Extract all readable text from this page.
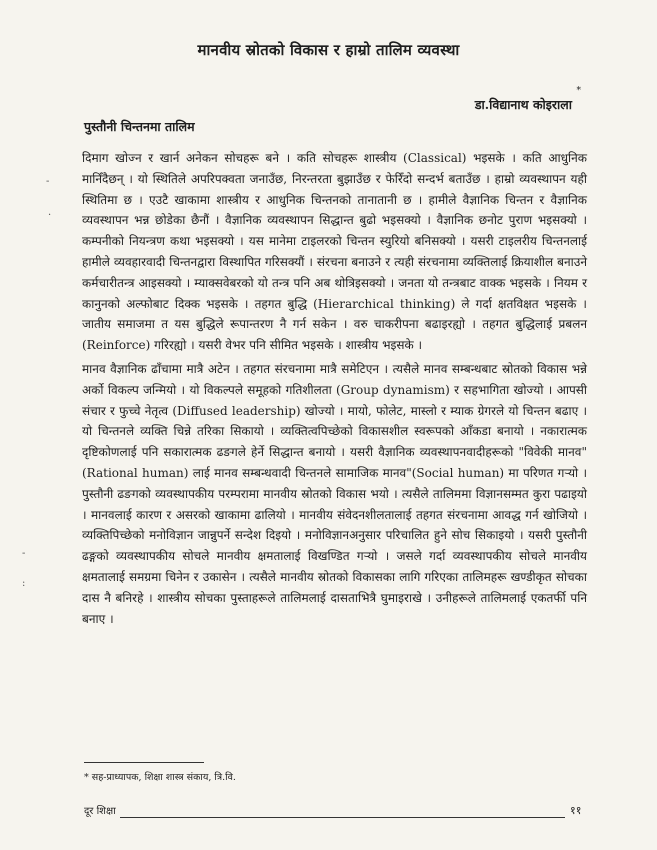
मानवीय स्रोतको विकास र हाम्रो तालिम व्यवस्था
*
डा.विद्यानाथ कोइराला
पुस्तौनी चिन्तनमा तालिम

दिमाग खोज्न र खार्न अनेकन सोचहरू बने । कति सोचहरू शास्त्रीय (Classical) भइसके । कति आधुनिक मानिँदैछन् । यो स्थितिले अपरिपक्वता जनाउँछ, निरन्तरता बुझाउँछ र फेरिँदो सन्दर्भ बताउँछ । हाम्रो व्यवस्थापन यही स्थितिमा छ । एउटै खाकामा शास्त्रीय र आधुनिक चिन्तनको तानातानी छ । हामीले वैज्ञानिक चिन्तन र वैज्ञानिक व्यवस्थापन भन्न छोडेका छैनौं । वैज्ञानिक व्यवस्थापन सिद्धान्त बुढो भइसक्यो । वैज्ञानिक छनोट पुराण भइसक्यो । कम्पनीको नियन्त्रण कथा भइसक्यो । यस मानेमा टाइलरको चिन्तन स्युरियो बनिसक्यो । यसरी टाइलरीय चिन्तनलाई हामीले व्यवहारवादी चिन्तनद्वारा विस्थापित गरिसक्यौं । संरचना बनाउने र त्यही संरचनामा व्यक्तिलाई क्रियाशील बनाउने कर्मचारीतन्त्र आइसक्यो । म्याक्सवेबरको यो तन्त्र पनि अब थोत्रिइसक्यो । जनता यो तन्त्रबाट वाक्क भइसके । नियम र कानुनको अल्फोबाट दिक्क भइसके । तहगत बुद्धि (Hierarchical thinking) ले गर्दा क्षतविक्षत भइसके । जातीय समाजमा त यस बुद्धिले रूपान्तरण नै गर्न सकेन । वरु चाकरीपना बढाइरह्यो । तहगत बुद्धिलाई प्रबलन (Reinforce) गरिरह्यो । यसरी वेभर पनि सीमित भइसके । शास्त्रीय भइसके ।

मानव वैज्ञानिक ढाँचामा मात्रै अटेन । तहगत संरचनामा मात्रै समेटिएन । त्यसैले मानव सम्बन्धबाट स्रोतको विकास भन्ने अर्को विकल्प जन्मियो । यो विकल्पले समूहको गतिशीलता (Group dynamism) र सहभागिता खोज्यो । आपसी संचार र फुच्चे नेतृत्व (Diffused leadership) खोज्यो । मायो, फोलेट, मास्लो र म्याक ग्रेगरले यो चिन्तन बढाए । यो चिन्तनले व्यक्ति चिन्ने तरिका सिकायो । व्यक्तित्वपिच्छेको विकासशील स्वरूपको आँकडा बनायो । नकारात्मक दृष्टिकोणलाई पनि सकारात्मक ढङगले हेर्ने सिद्धान्त बनायो । यसरी वैज्ञानिक व्यवस्थापनवादीहरूको "विवेकी मानव" (Rational human) लाई मानव सम्बन्धवादी चिन्तनले सामाजिक मानव"(Social human) मा परिणत गऱ्यो । पुस्तौनी ढङगको व्यवस्थापकीय परम्परामा मानवीय स्रोतको विकास भयो । त्यसैले तालिममा विज्ञानसम्मत कुरा पढाइयो । मानवलाई कारण र असरको खाकामा ढालियो । मानवीय संवेदनशीलतालाई तहगत संरचनामा आवद्ध गर्न खोजियो । व्यक्तिपिच्छेको मनोविज्ञान जान्नुपर्ने सन्देश दिइयो । मनोविज्ञानअनुसार परिचालित हुने सोच सिकाइयो । यसरी पुस्तौनी ढङ्गको व्यवस्थापकीय सोचले मानवीय क्षमतालाई विखण्डित गऱ्यो । जसले गर्दा व्यवस्थापकीय सोचले मानवीय क्षमतालाई समग्रमा चिनेन र उकासेन । त्यसैले मानवीय स्रोतको विकासका लागि गरिएका तालिमहरू खण्डीकृत सोचका दास नै बनिरहे । शास्त्रीय सोचका पुस्ताहरूले तालिमलाई दासताभित्रै घुमाइराखे । उनीहरूले तालिमलाई एकतर्फी पनि बनाए ।

* सह-प्राध्यापक, शिक्षा शास्त्र संकाय, त्रि.वि.
दूर शिक्षा	११
-
·
-
:
